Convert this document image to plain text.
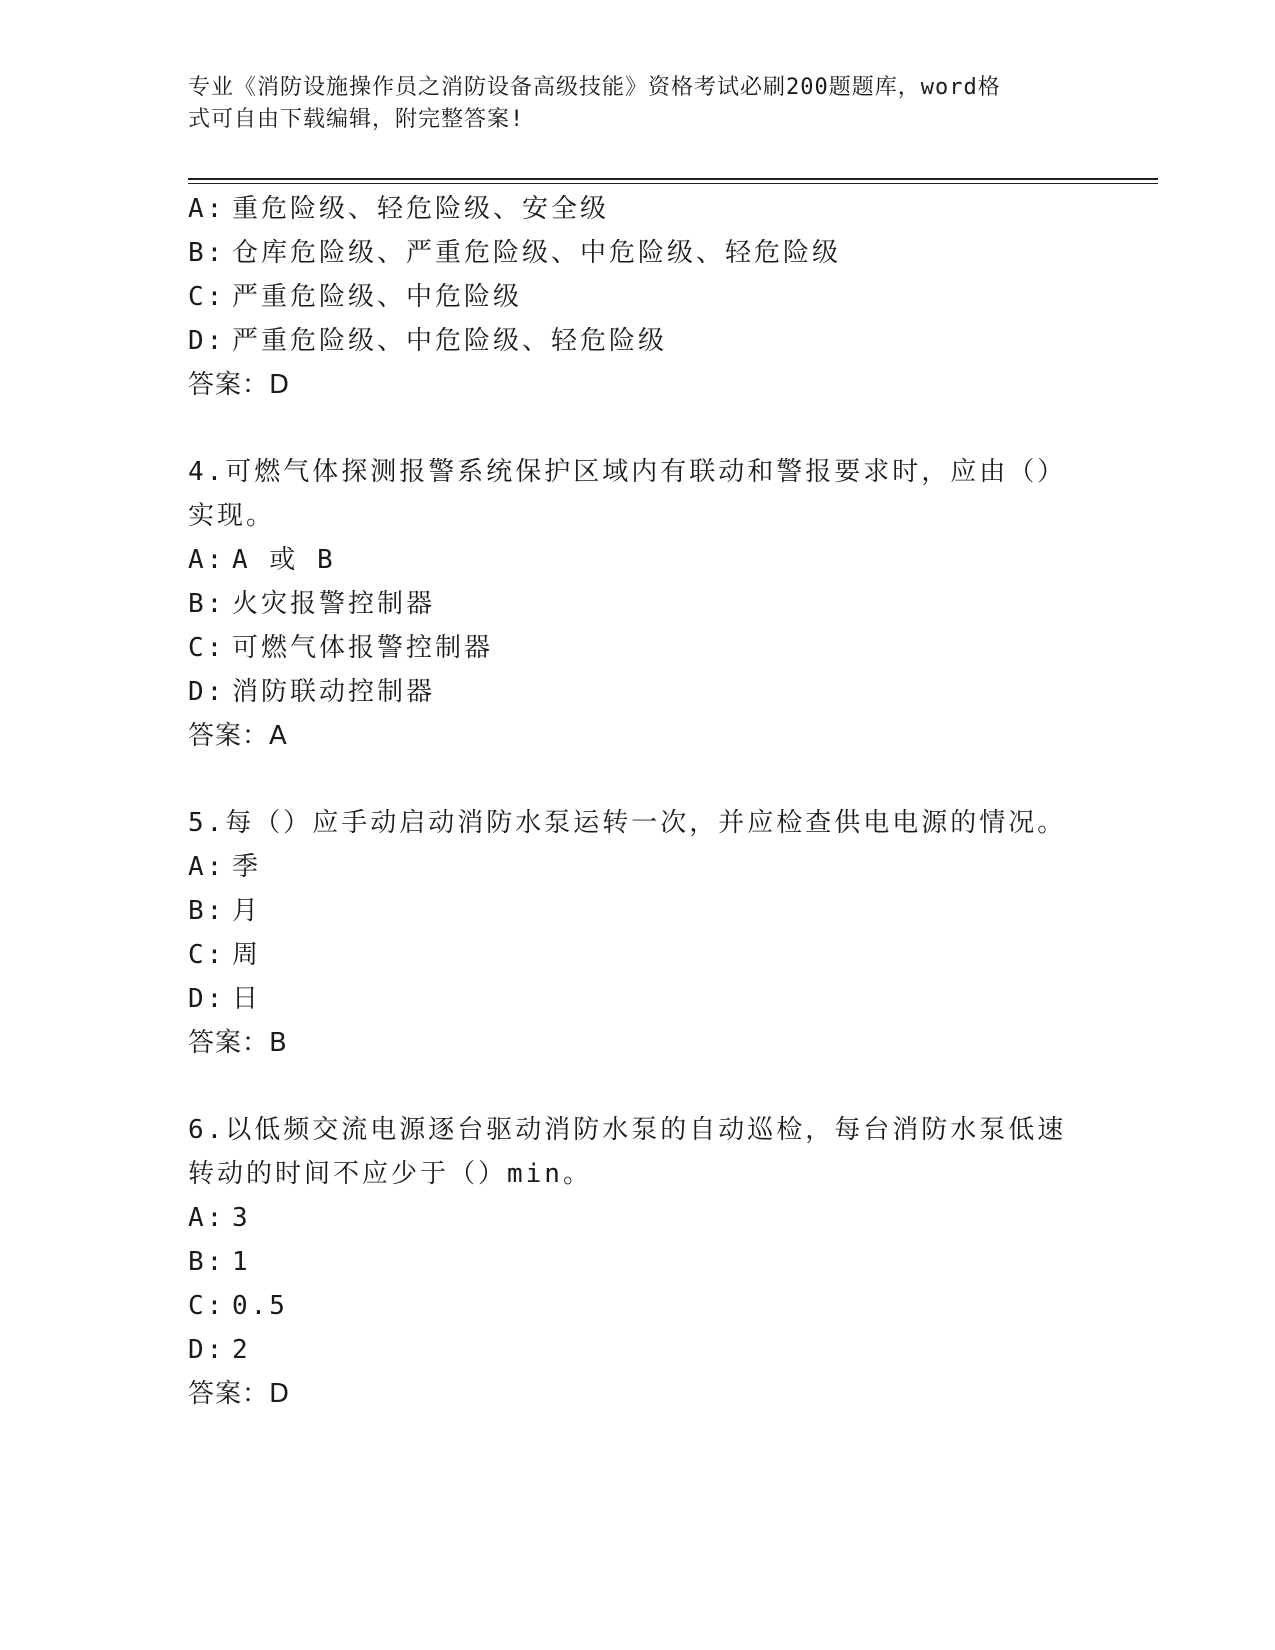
专业《消防设施操作员之消防设备高级技能》资格考试必刷200题题库，word格
式可自由下载编辑，附完整答案!
A: 重危险级、轻危险级、安全级
B: 仓库危险级、严重危险级、中危险级、轻危险级
C: 严重危险级、中危险级
D: 严重危险级、中危险级、轻危险级
答案：D
4.可燃气体探测报警系统保护区域内有联动和警报要求时，应由（）
实现。
A: A 或 B
B: 火灾报警控制器
C: 可燃气体报警控制器
D: 消防联动控制器
答案：A
5.每（）应手动启动消防水泵运转一次，并应检查供电电源的情况。
A: 季
B: 月
C: 周
D: 日
答案：B
6.以低频交流电源逐台驱动消防水泵的自动巡检，每台消防水泵低速
转动的时间不应少于（）min。
A: 3
B: 1
C: 0.5
D: 2
答案：D
